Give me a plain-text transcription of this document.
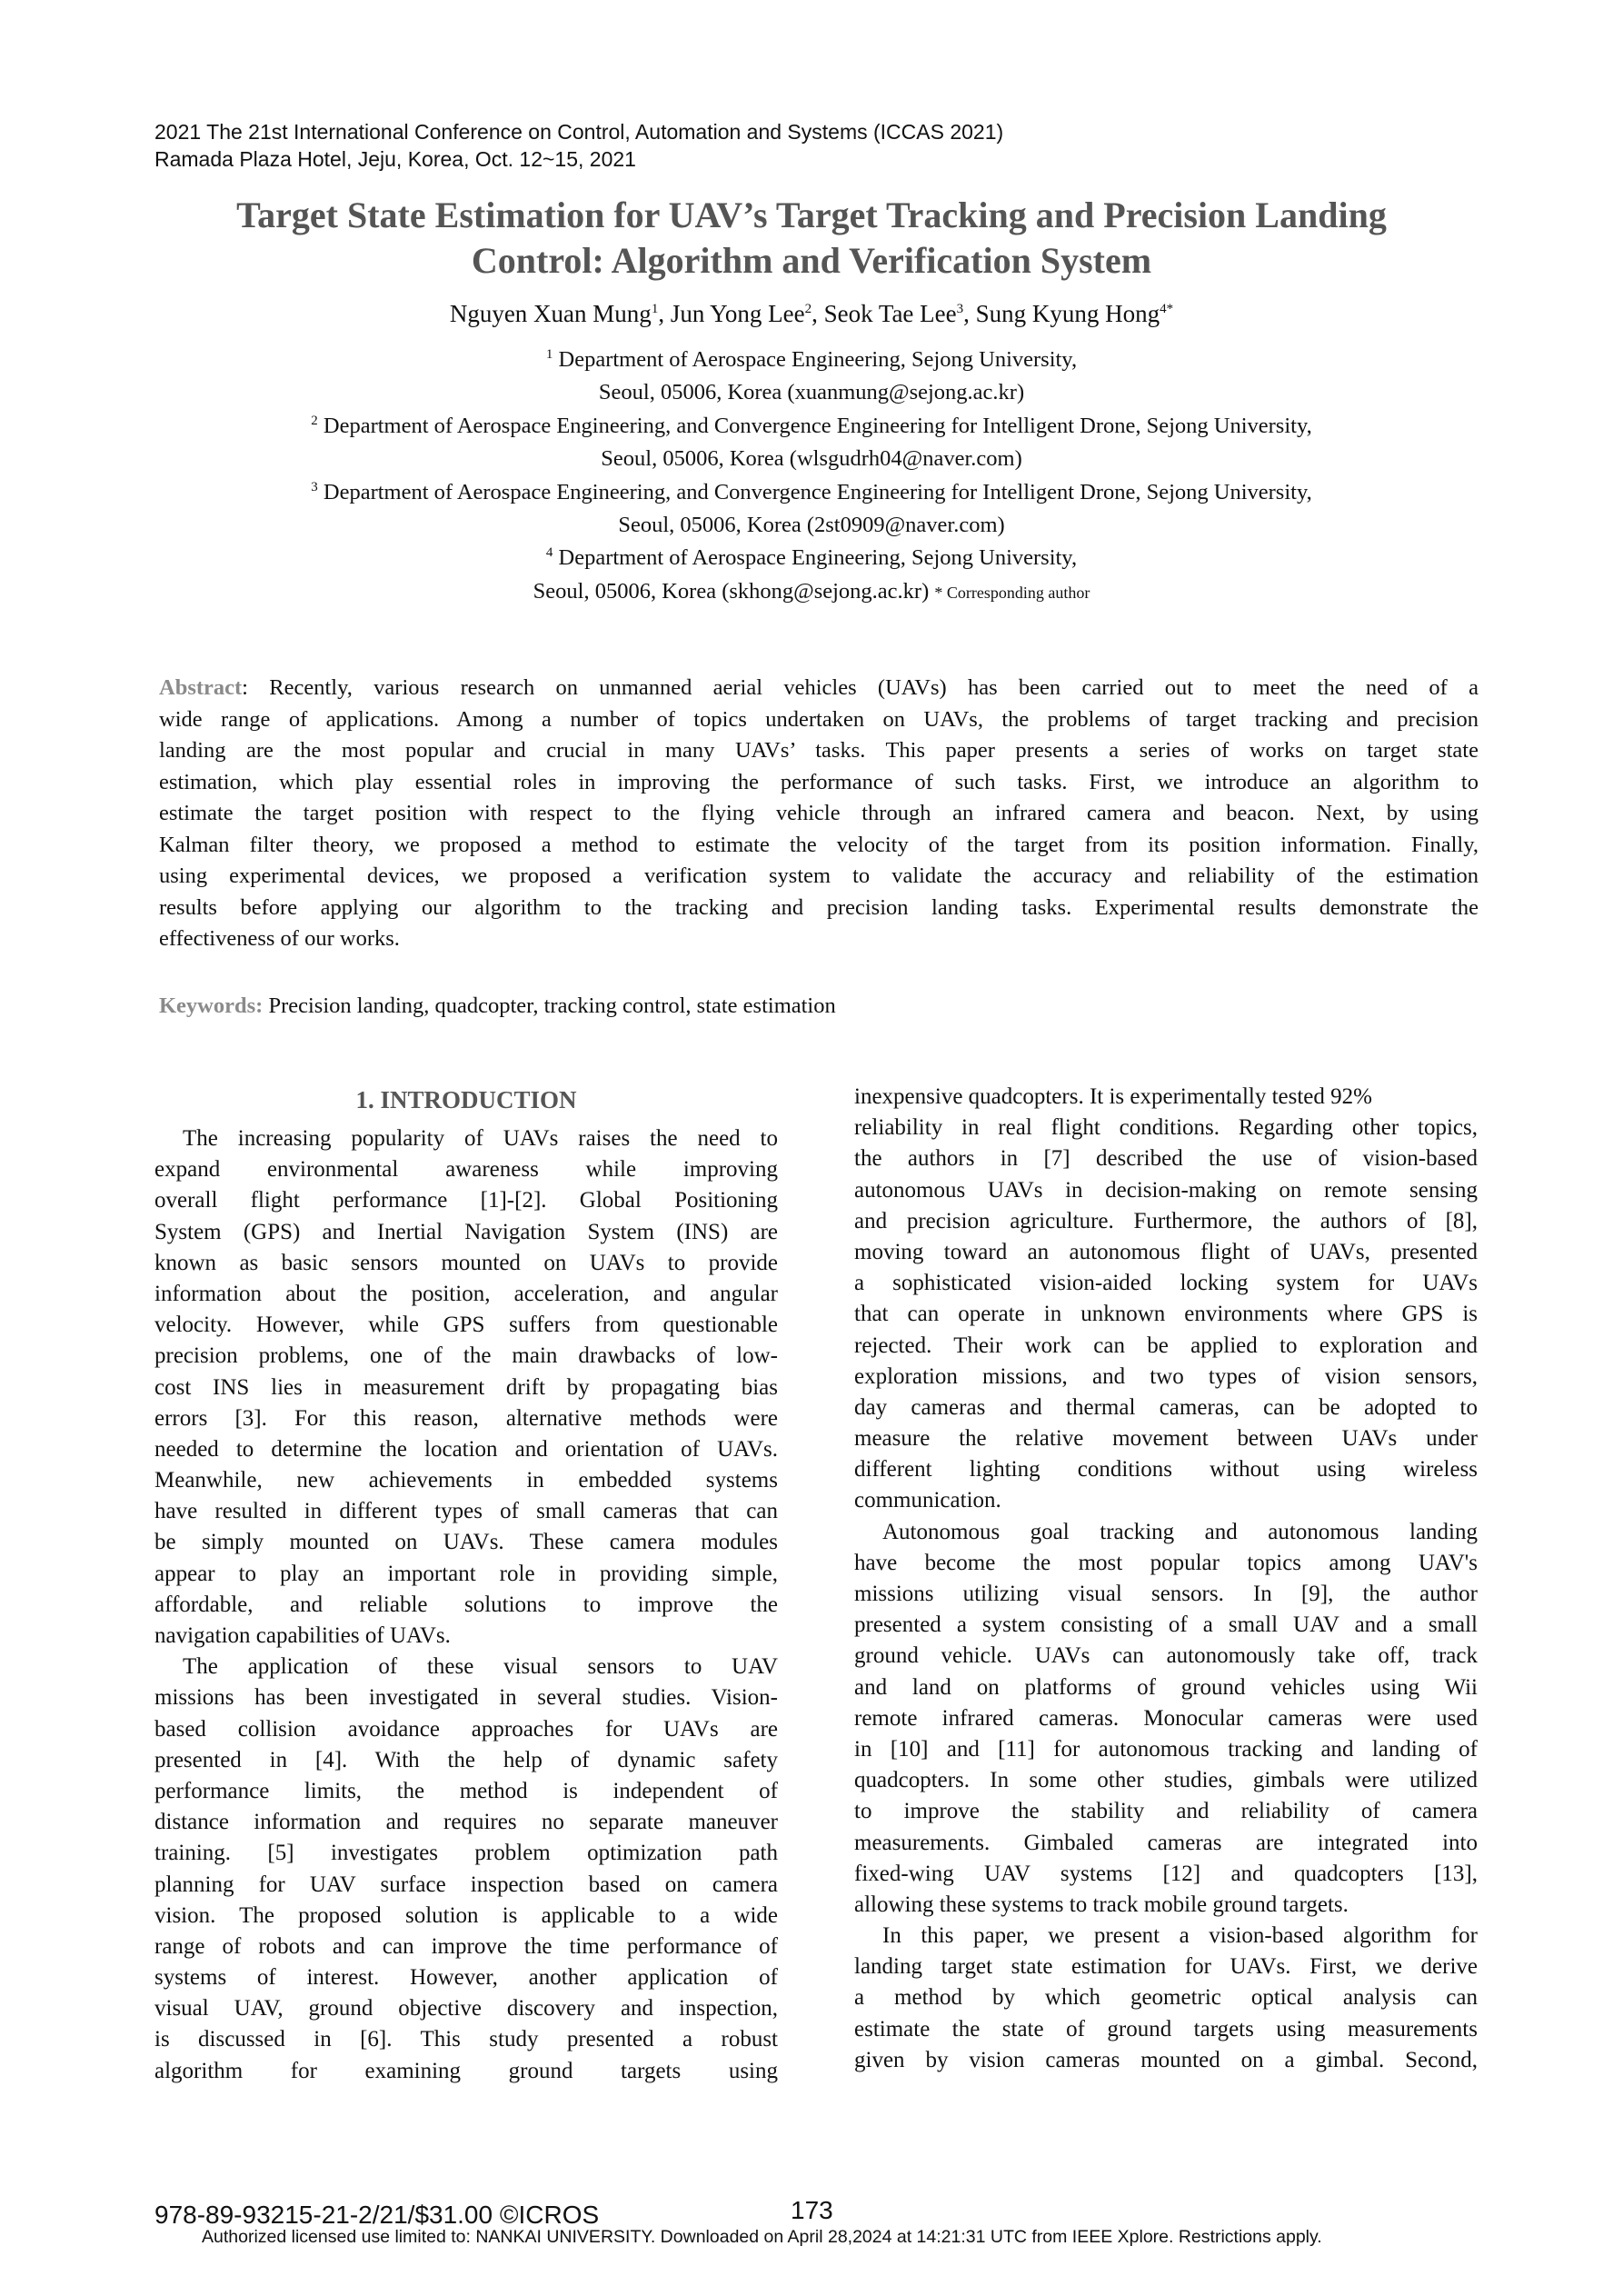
2021 The 21st International Conference on Control, Automation and Systems (ICCAS 2021)
Ramada Plaza Hotel, Jeju, Korea, Oct. 12~15, 2021
Target State Estimation for UAV’s Target Tracking and Precision Landing
Control: Algorithm and Verification System
Nguyen Xuan Mung$^1$, Jun Yong Lee$^2$, Seok Tae Lee$^3$, Sung Kyung Hong$^{4*}$
$^1$ Department of Aerospace Engineering, Sejong University,
Seoul, 05006, Korea (xuanmung@sejong.ac.kr)
$^2$ Department of Aerospace Engineering, and Convergence Engineering for Intelligent Drone, Sejong University,
Seoul, 05006, Korea (wlsgudrh04@naver.com)
$^3$ Department of Aerospace Engineering, and Convergence Engineering for Intelligent Drone, Sejong University,
Seoul, 05006, Korea (2st0909@naver.com)
$^4$ Department of Aerospace Engineering, Sejong University,
Seoul, 05006, Korea (skhong@sejong.ac.kr) * Corresponding author
Abstract: Recently, various research on unmanned aerial vehicles (UAVs) has been carried out to meet the need of a
wide range of applications. Among a number of topics undertaken on UAVs, the problems of target tracking and precision
landing are the most popular and crucial in many UAVs’ tasks. This paper presents a series of works on target state
estimation, which play essential roles in improving the performance of such tasks. First, we introduce an algorithm to
estimate the target position with respect to the flying vehicle through an infrared camera and beacon. Next, by using
Kalman filter theory, we proposed a method to estimate the velocity of the target from its position information. Finally,
using experimental devices, we proposed a verification system to validate the accuracy and reliability of the estimation
results before applying our algorithm to the tracking and precision landing tasks. Experimental results demonstrate the
effectiveness of our works.
Keywords: Precision landing, quadcopter, tracking control, state estimation
1. INTRODUCTION
The increasing popularity of UAVs raises the need to
expand environmental awareness while improving
overall flight performance [1]-[2]. Global Positioning
System (GPS) and Inertial Navigation System (INS) are
known as basic sensors mounted on UAVs to provide
information about the position, acceleration, and angular
velocity. However, while GPS suffers from questionable
precision problems, one of the main drawbacks of low-
cost INS lies in measurement drift by propagating bias
errors [3]. For this reason, alternative methods were
needed to determine the location and orientation of UAVs.
Meanwhile, new achievements in embedded systems
have resulted in different types of small cameras that can
be simply mounted on UAVs. These camera modules
appear to play an important role in providing simple,
affordable, and reliable solutions to improve the
navigation capabilities of UAVs.
The application of these visual sensors to UAV
missions has been investigated in several studies. Vision-
based collision avoidance approaches for UAVs are
presented in [4]. With the help of dynamic safety
performance limits, the method is independent of
distance information and requires no separate maneuver
training. [5] investigates problem optimization path
planning for UAV surface inspection based on camera
vision. The proposed solution is applicable to a wide
range of robots and can improve the time performance of
systems of interest. However, another application of
visual UAV, ground objective discovery and inspection,
is discussed in [6]. This study presented a robust
algorithm for examining ground targets using
inexpensive quadcopters. It is experimentally tested 92%
reliability in real flight conditions. Regarding other topics,
the authors in [7] described the use of vision-based
autonomous UAVs in decision-making on remote sensing
and precision agriculture. Furthermore, the authors of [8],
moving toward an autonomous flight of UAVs, presented
a sophisticated vision-aided locking system for UAVs
that can operate in unknown environments where GPS is
rejected. Their work can be applied to exploration and
exploration missions, and two types of vision sensors,
day cameras and thermal cameras, can be adopted to
measure the relative movement between UAVs under
different lighting conditions without using wireless
communication.
Autonomous goal tracking and autonomous landing
have become the most popular topics among UAV's
missions utilizing visual sensors. In [9], the author
presented a system consisting of a small UAV and a small
ground vehicle. UAVs can autonomously take off, track
and land on platforms of ground vehicles using Wii
remote infrared cameras. Monocular cameras were used
in [10] and [11] for autonomous tracking and landing of
quadcopters. In some other studies, gimbals were utilized
to improve the stability and reliability of camera
measurements. Gimbaled cameras are integrated into
fixed-wing UAV systems [12] and quadcopters [13],
allowing these systems to track mobile ground targets.
In this paper, we present a vision-based algorithm for
landing target state estimation for UAVs. First, we derive
a method by which geometric optical analysis can
estimate the state of ground targets using measurements
given by vision cameras mounted on a gimbal. Second,
978-89-93215-21-2/21/$31.00 ©ICROS	173
Authorized licensed use limited to: NANKAI UNIVERSITY. Downloaded on April 28,2024 at 14:21:31 UTC from IEEE Xplore. Restrictions apply.
